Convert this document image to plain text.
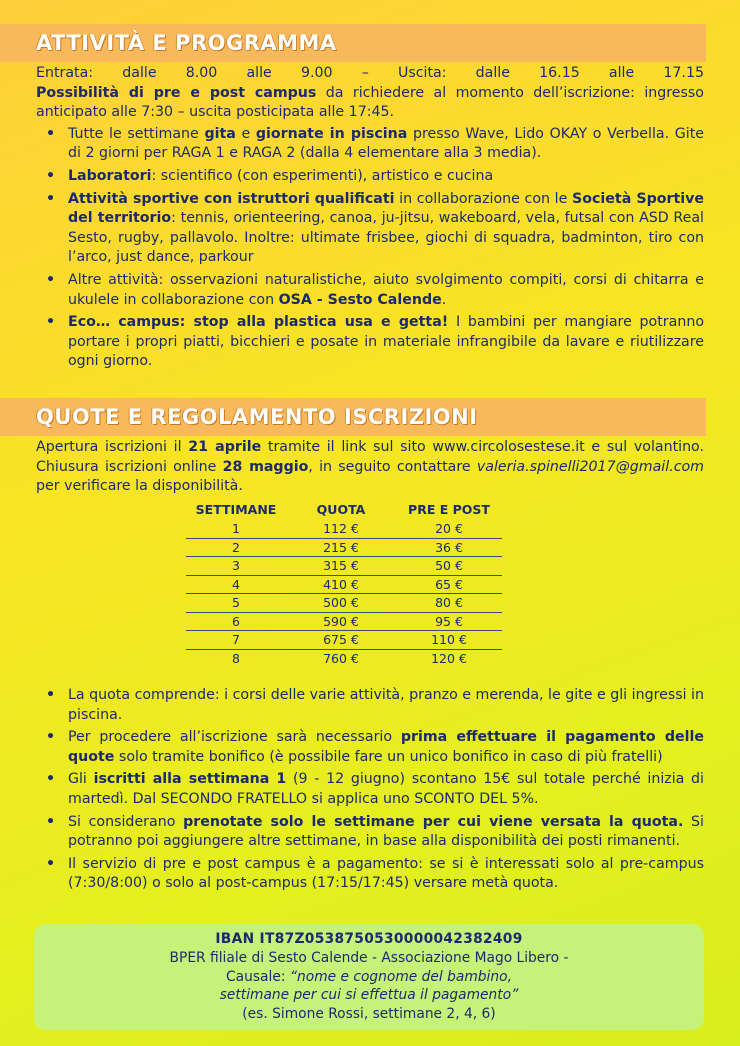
ATTIVITÀ E PROGRAMMA
Entrata: dalle 8.00 alle 9.00 – Uscita: dalle 16.15 alle 17.15

Possibilità di pre e post campus da richiedere al momento dell’iscrizione: ingresso anticipato alle 7:30 – uscita posticipata alle 17:45.

• Tutte le settimane gita e giornate in piscina presso Wave, Lido OKAY o Verbella. Gite di 2 giorni per RAGA 1 e RAGA 2 (dalla 4 elementare alla 3 media).
• Laboratori: scientifico (con esperimenti), artistico e cucina
• Attività sportive con istruttori qualificati in collaborazione con le Società Sportive del territorio: tennis, orienteering, canoa, ju-jitsu, wakeboard, vela, futsal con ASD Real Sesto, rugby, pallavolo. Inoltre: ultimate frisbee, giochi di squadra, badminton, tiro con l’arco, just dance, parkour
• Altre attività: osservazioni naturalistiche, aiuto svolgimento compiti, corsi di chitarra e ukulele in collaborazione con OSA - Sesto Calende.
• Eco… campus: stop alla plastica usa e getta! I bambini per mangiare potranno portare i propri piatti, bicchieri e posate in materiale infrangibile da lavare e riutilizzare ogni giorno.
QUOTE E REGOLAMENTO ISCRIZIONI

Apertura iscrizioni il 21 aprile tramite il link sul sito www.circolosestese.it e sul volantino. Chiusura iscrizioni online 28 maggio, in seguito contattare valeria.spinelli2017@gmail.com per verificare la disponibilità.

SETTIMANE	QUOTA	PRE E POST
1	112 €	20 €
2	215 €	36 €
3	315 €	50 €
4	410 €	65 €
5	500 €	80 €
6	590 €	95 €
7	675 €	110 €
8	760 €	120 €
• La quota comprende: i corsi delle varie attività, pranzo e merenda, le gite e gli ingressi in piscina.
• Per procedere all’iscrizione sarà necessario prima effettuare il pagamento delle quote solo tramite bonifico (è possibile fare un unico bonifico in caso di più fratelli)
• Gli iscritti alla settimana 1 (9 - 12 giugno) scontano 15€ sul totale perché inizia di martedì. Dal SECONDO FRATELLO si applica uno SCONTO DEL 5%.
• Si considerano prenotate solo le settimane per cui viene versata la quota. Si potranno poi aggiungere altre settimane, in base alla disponibilità dei posti rimanenti.
• Il servizio di pre e post campus è a pagamento: se si è interessati solo al pre-campus (7:30/8:00) o solo al post-campus (17:15/17:45) versare metà quota.
IBAN IT87Z0538750530000042382409
BPER filiale di Sesto Calende - Associazione Mago Libero -
Causale: “nome e cognome del bambino,
settimane per cui si effettua il pagamento”
(es. Simone Rossi, settimane 2, 4, 6)
